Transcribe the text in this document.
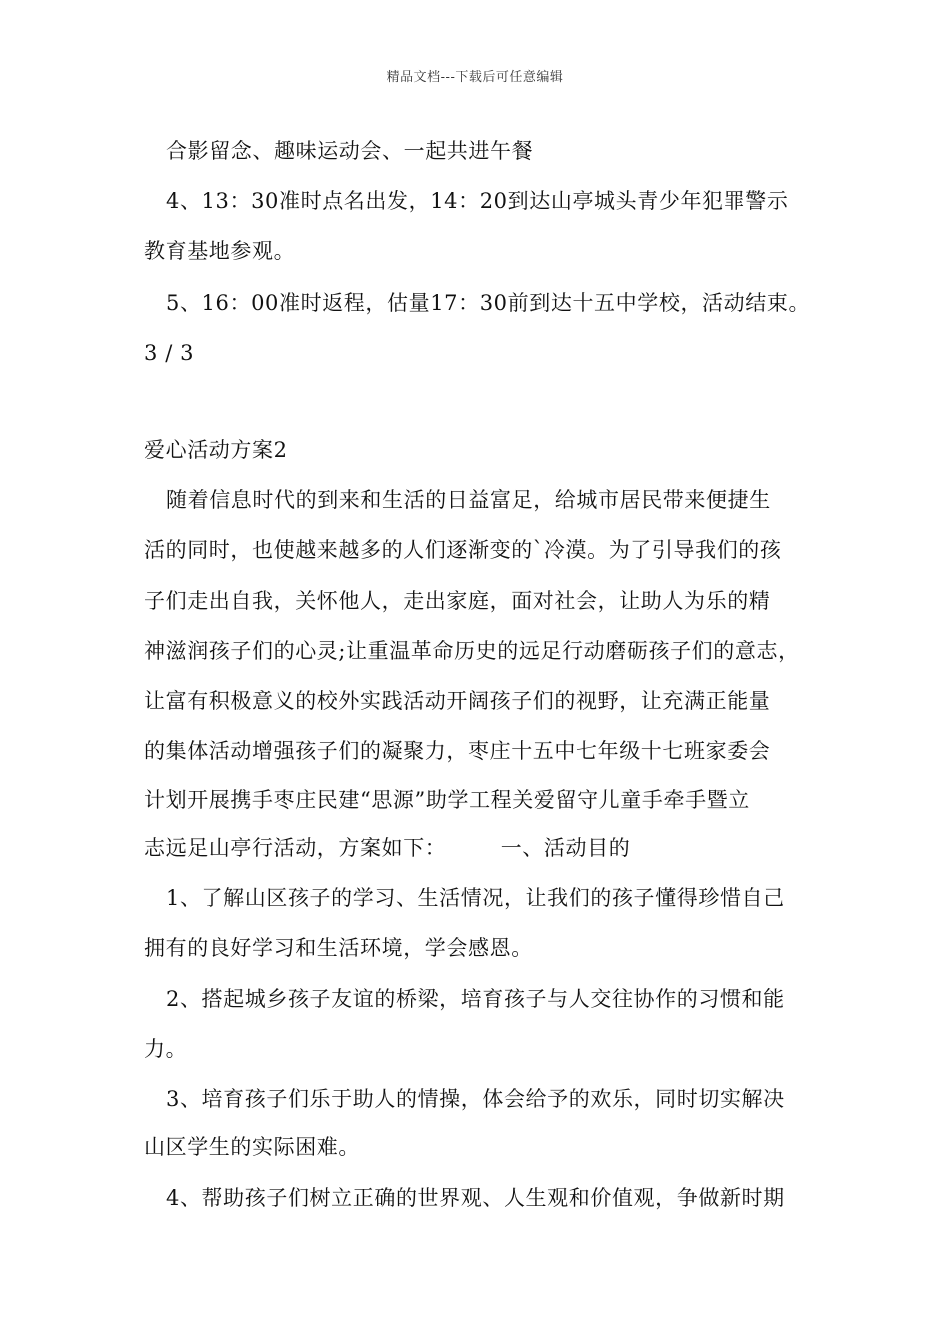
精品文档---下载后可任意编辑
合影留念、趣味运动会、一起共进午餐
4、13：30准时点名出发，14：20到达山亭城头青少年犯罪警示
教育基地参观。
5、16：00准时返程，估量17：30前到达十五中学校，活动结束。
3 / 3
爱心活动方案2
随着信息时代的到来和生活的日益富足，给城市居民带来便捷生
活的同时，也使越来越多的人们逐渐变的`冷漠。为了引导我们的孩
子们走出自我，关怀他人，走出家庭，面对社会，让助人为乐的精
神滋润孩子们的心灵;让重温革命历史的远足行动磨砺孩子们的意志，
让富有积极意义的校外实践活动开阔孩子们的视野，让充满正能量
的集体活动增强孩子们的凝聚力，枣庄十五中七年级十七班家委会
计划开展携手枣庄民建“思源”助学工程关爱留守儿童手牵手暨立
志远足山亭行活动，方案如下：　　　一、活动目的
1、了解山区孩子的学习、生活情况，让我们的孩子懂得珍惜自己
拥有的良好学习和生活环境，学会感恩。
2、搭起城乡孩子友谊的桥梁，培育孩子与人交往协作的习惯和能
力。
3、培育孩子们乐于助人的情操，体会给予的欢乐，同时切实解决
山区学生的实际困难。
4、帮助孩子们树立正确的世界观、人生观和价值观，争做新时期
